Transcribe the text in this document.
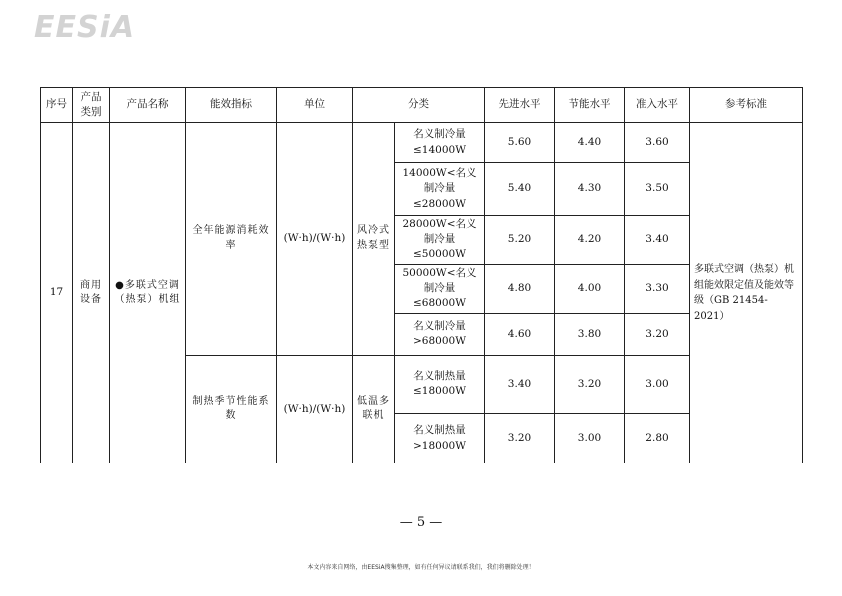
EESiA
序号	产品类别	产品名称	能效指标	单位	分类		先进水平	节能水平	准入水平	参考标准
17	商用设备	●多联式空调（热泵）机组	全年能源消耗效率	(W·h)/(W·h)	风冷式热泵型	名义制冷量≤14000W	5.60	4.40	3.60	多联式空调（热泵）机组能效限定值及能效等级（GB 21454-2021）
						14000W<名义制冷量≤28000W	5.40	4.30	3.50	
						28000W<名义制冷量≤50000W	5.20	4.20	3.40	
						50000W<名义制冷量≤68000W	4.80	4.00	3.30	
						名义制冷量>68000W	4.60	3.80	3.20	
			制热季节性能系数	(W·h)/(W·h)	低温多联机	名义制热量≤18000W	3.40	3.20	3.00	
						名义制热量>18000W	3.20	3.00	2.80	
— 5 —
本文内容来自网络，由EESiA搜集整理，如有任何异议请联系我们，我们将删除处理！
